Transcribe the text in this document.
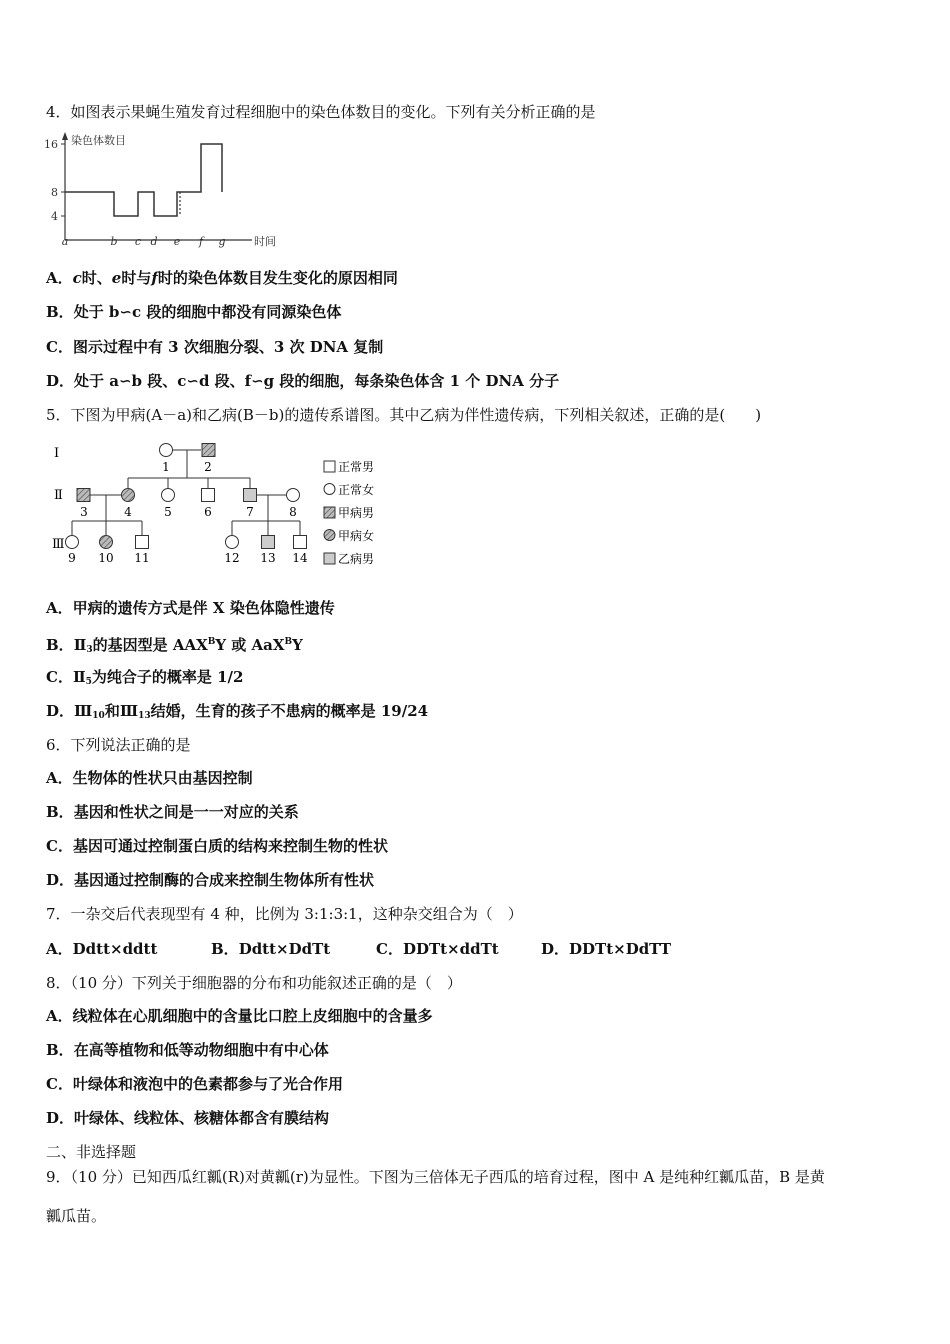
4．如图表示果蝇生殖发育过程细胞中的染色体数目的变化。下列有关分析正确的是
染色体数目
时间
16
8
4
a	b c d e f g
A．c时、e时与f时的染色体数目发生变化的原因相同
B．处于 b∽c 段的细胞中都没有同源染色体
C．图示过程中有 3 次细胞分裂、3 次 DNA 复制
D．处于 a∽b 段、c∽d 段、f∽g 段的细胞，每条染色体含 1 个 DNA 分子
5．下图为甲病(A－a)和乙病(B－b)的遗传系谱图。其中乙病为伴性遗传病，下列相关叙述，正确的是(　　)
Ⅰ
Ⅱ
Ⅲ
1	2
3	4	5	6	7	8
9 10 11	12 13 14
正常男
正常女
甲病男
甲病女
乙病男
A．甲病的遗传方式是伴 X 染色体隐性遗传
B．$Ⅱ_3$的基因型是 $AAX^BY$ 或 AaX$^B$Y
C．$Ⅱ_5$为纯合子的概率是 1/2
D．$Ⅲ_{10}$和$Ⅲ_{13}$结婚，生育的孩子不患病的概率是 19/24
6．下列说法正确的是
A．生物体的性状只由基因控制
B．基因和性状之间是一一对应的关系
C．基因可通过控制蛋白质的结构来控制生物的性状
D．基因通过控制酶的合成来控制生物体所有性状
7．一杂交后代表现型有 4 种，比例为 3:1:3:1，这种杂交组合为（　）
A．Ddtt×ddtt	B．Ddtt×DdTt	C．DDTt×ddTt	D．DDTt×DdTT
8．（10 分）下列关于细胞器的分布和功能叙述正确的是（　）
A．线粒体在心肌细胞中的含量比口腔上皮细胞中的含量多
B．在高等植物和低等动物细胞中有中心体
C．叶绿体和液泡中的色素都参与了光合作用
D．叶绿体、线粒体、核糖体都含有膜结构
二、非选择题
9．（10 分）已知西瓜红瓤(R)对黄瓤(r)为显性。下图为三倍体无子西瓜的培育过程，图中 A 是纯种红瓤瓜苗，B 是黄
瓤瓜苗。
